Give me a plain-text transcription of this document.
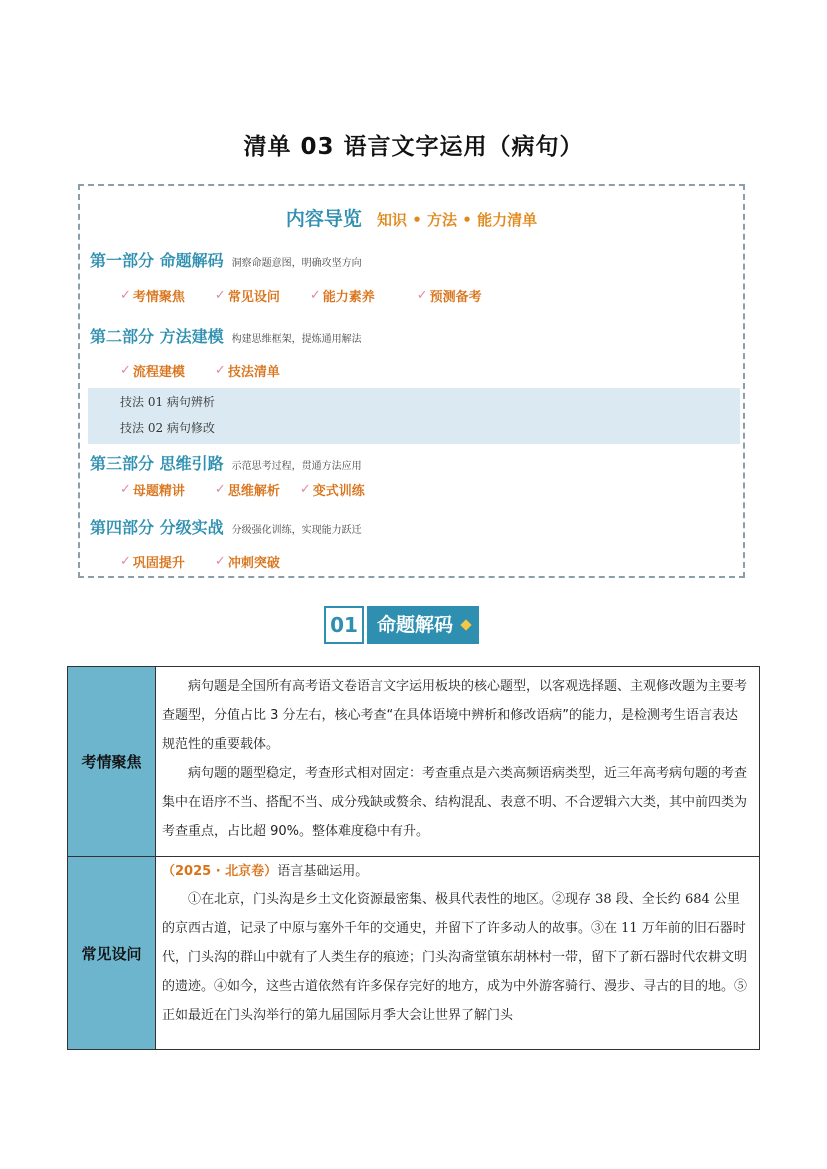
清单 03 语言文字运用（病句）
内容导览 知识 • 方法 • 能力清单
第一部分 命题解码 洞察命题意图，明确攻坚方向
✓ 考情聚焦 ✓ 常见设问 ✓ 能力素养	✓ 预测备考
第二部分 方法建模 构建思维框架，提炼通用解法
✓ 流程建模 ✓ 技法清单
技法 01 病句辨析
技法 02 病句修改
第三部分 思维引路 示范思考过程，贯通方法应用
✓ 母题精讲 ✓ 思维解析 ✓ 变式训练
第四部分 分级实战 分级强化训练，实现能力跃迁
✓ 巩固提升 ✓ 冲刺突破
01	命题解码
考情聚焦	病句题是全国所有高考语文卷语言文字运用板块的核心题型，以客观选择题、主观修改题为主要考查题型，分值占比 3 分左右，核心考查“在具体语境中辨析和修改语病”的能力，是检测考生语言表达规范性的重要载体。

病句题的题型稳定，考查形式相对固定：考查重点是六类高频语病类型，近三年高考病句题的考查集中在语序不当、搭配不当、成分残缺或赘余、结构混乱、表意不明、不合逻辑六大类，其中前四类为考查重点，占比超 90%。整体难度稳中有升。

常见设问	（2025 · 北京卷）语言基础运用。

①在北京，门头沟是乡土文化资源最密集、极具代表性的地区。②现存 38 段、全长约 684 公里的京西古道，记录了中原与塞外千年的交通史，并留下了许多动人的故事。③在 11 万年前的旧石器时代，门头沟的群山中就有了人类生存的痕迹；门头沟斋堂镇东胡林村一带，留下了新石器时代农耕文明的遗迹。④如今，这些古道依然有许多保存完好的地方，成为中外游客骑行、漫步、寻古的目的地。⑤正如最近在门头沟举行的第九届国际月季大会让世界了解门头
